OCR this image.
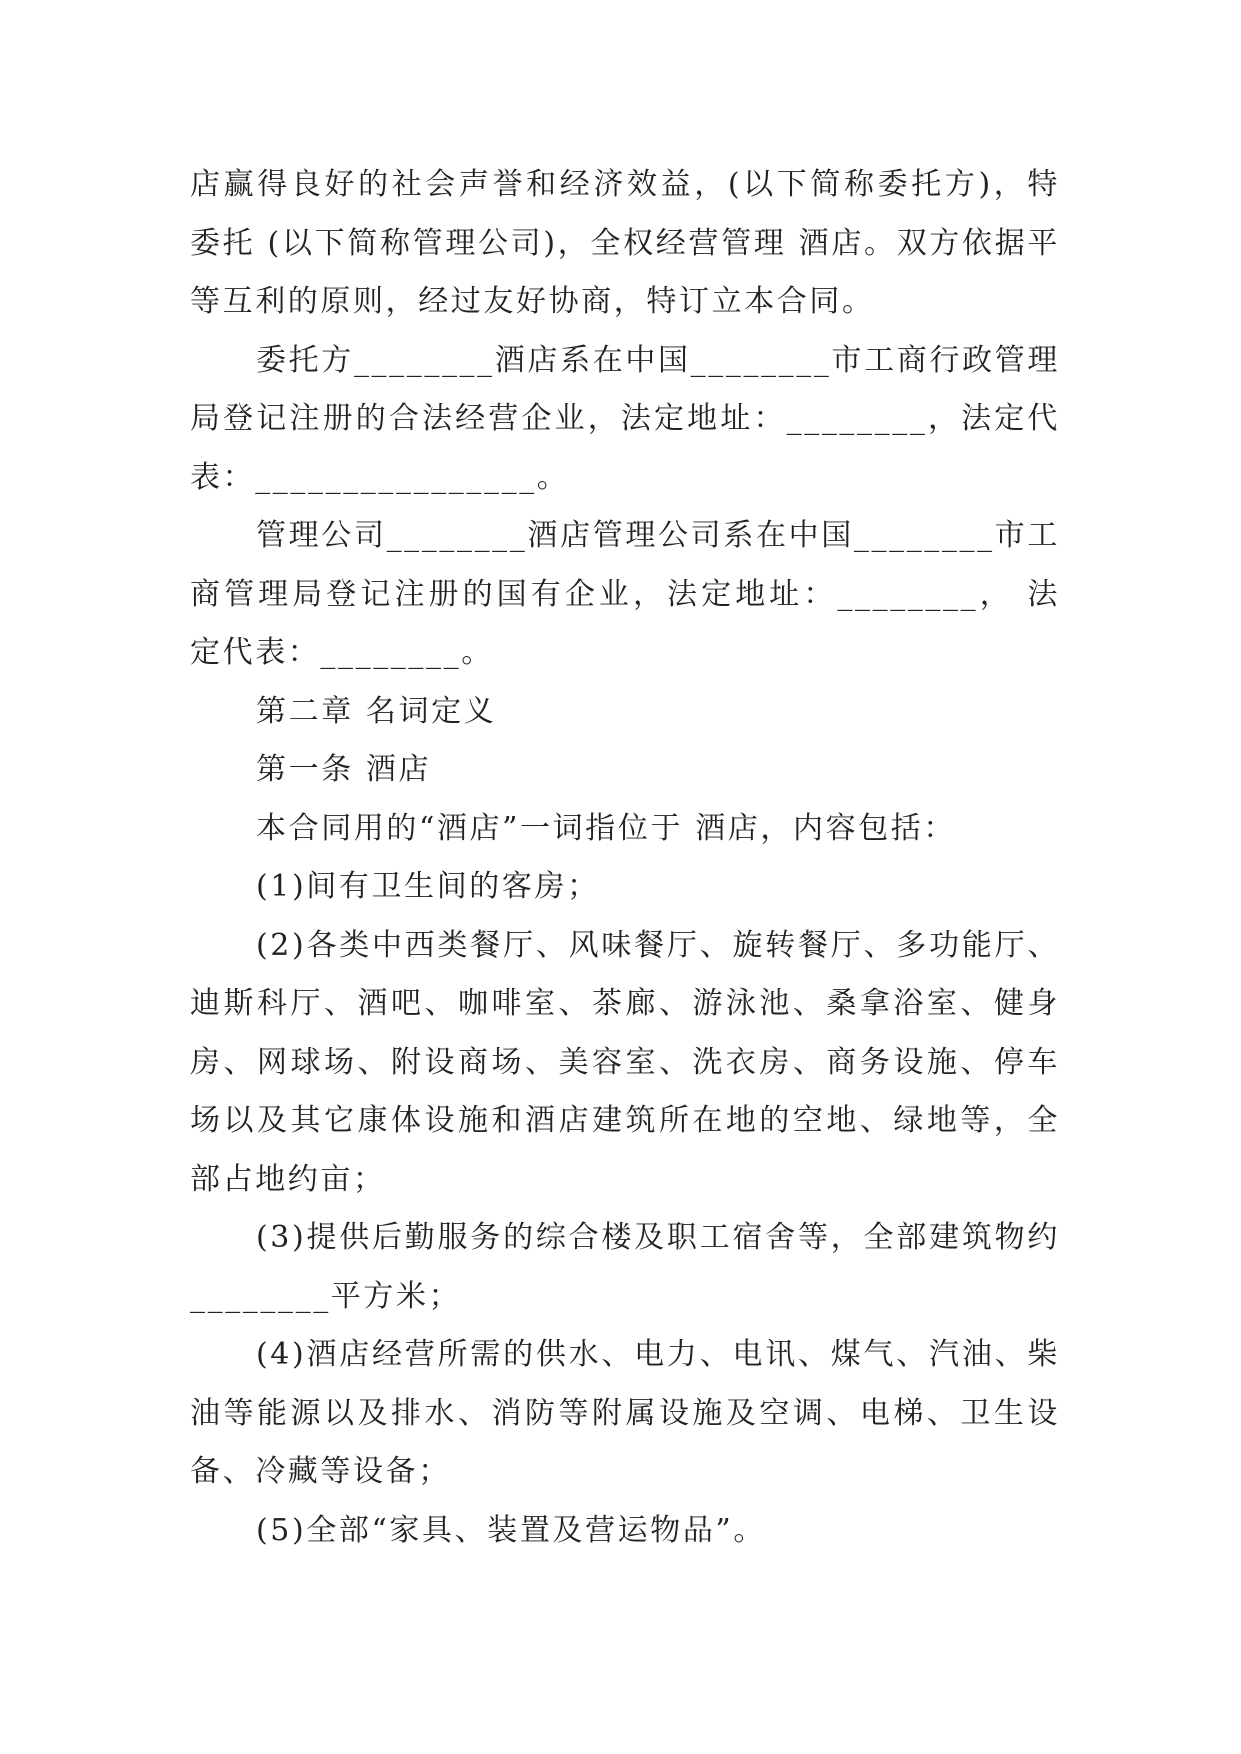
店赢得良好的社会声誉和经济效益，(以下简称委托方)，特委托 (以下简称管理公司)，全权经营管理 酒店。双方依据平等互利的原则，经过友好协商，特订立本合同。

委托方________酒店系在中国________市工商行政管理局登记注册的合法经营企业，法定地址：________，法定代表：________________。

管理公司________酒店管理公司系在中国________市工商管理局登记注册的国有企业，法定地址：________， 法定代表：________。

第二章 名词定义

第一条 酒店

本合同用的“酒店”一词指位于 酒店，内容包括：

(1)间有卫生间的客房；

(2)各类中西类餐厅、风味餐厅、旋转餐厅、多功能厅、迪斯科厅、酒吧、咖啡室、茶廊、游泳池、桑拿浴室、健身房、网球场、附设商场、美容室、洗衣房、商务设施、停车场以及其它康体设施和酒店建筑所在地的空地、绿地等，全部占地约亩；

(3)提供后勤服务的综合楼及职工宿舍等，全部建筑物约________平方米；

(4)酒店经营所需的供水、电力、电讯、煤气、汽油、柴油等能源以及排水、消防等附属设施及空调、电梯、卫生设备、冷藏等设备；

(5)全部“家具、装置及营运物品”。
